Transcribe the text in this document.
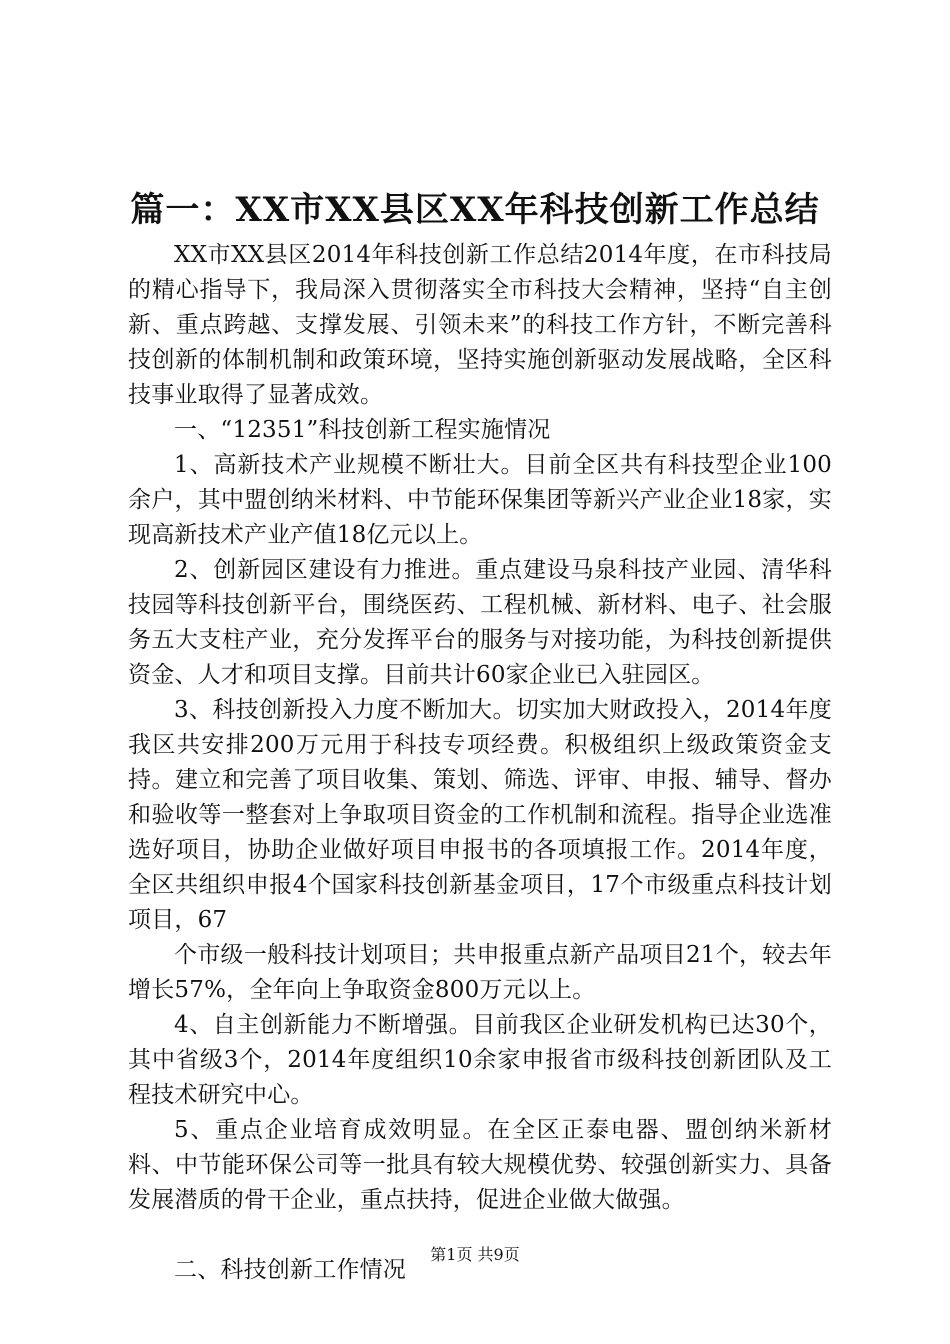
篇一：XX市XX县区XX年科技创新工作总结

XX市XX县区2014年科技创新工作总结2014年度，在市科技局的精心指导下，我局深入贯彻落实全市科技大会精神，坚持“自主创新、重点跨越、支撑发展、引领未来”的科技工作方针，不断完善科技创新的体制机制和政策环境，坚持实施创新驱动发展战略，全区科技事业取得了显著成效。

一、“12351”科技创新工程实施情况

1、高新技术产业规模不断壮大。目前全区共有科技型企业100余户，其中盟创纳米材料、中节能环保集团等新兴产业企业18家，实现高新技术产业产值18亿元以上。

2、创新园区建设有力推进。重点建设马泉科技产业园、清华科技园等科技创新平台，围绕医药、工程机械、新材料、电子、社会服务五大支柱产业，充分发挥平台的服务与对接功能，为科技创新提供资金、人才和项目支撑。目前共计60家企业已入驻园区。

3、科技创新投入力度不断加大。切实加大财政投入，2014年度我区共安排200万元用于科技专项经费。积极组织上级政策资金支持。建立和完善了项目收集、策划、筛选、评审、申报、辅导、督办和验收等一整套对上争取项目资金的工作机制和流程。指导企业选准选好项目，协助企业做好项目申报书的各项填报工作。2014年度，全区共组织申报4个国家科技创新基金项目，17个市级重点科技计划项目，67

个市级一般科技计划项目；共申报重点新产品项目21个，较去年增长57%，全年向上争取资金800万元以上。

4、自主创新能力不断增强。目前我区企业研发机构已达30个，其中省级3个，2014年度组织10余家申报省市级科技创新团队及工程技术研究中心。

5、重点企业培育成效明显。在全区正泰电器、盟创纳米新材料、中节能环保公司等一批具有较大规模优势、较强创新实力、具备发展潜质的骨干企业，重点扶持，促进企业做大做强。

二、科技创新工作情况

第1页 共9页
